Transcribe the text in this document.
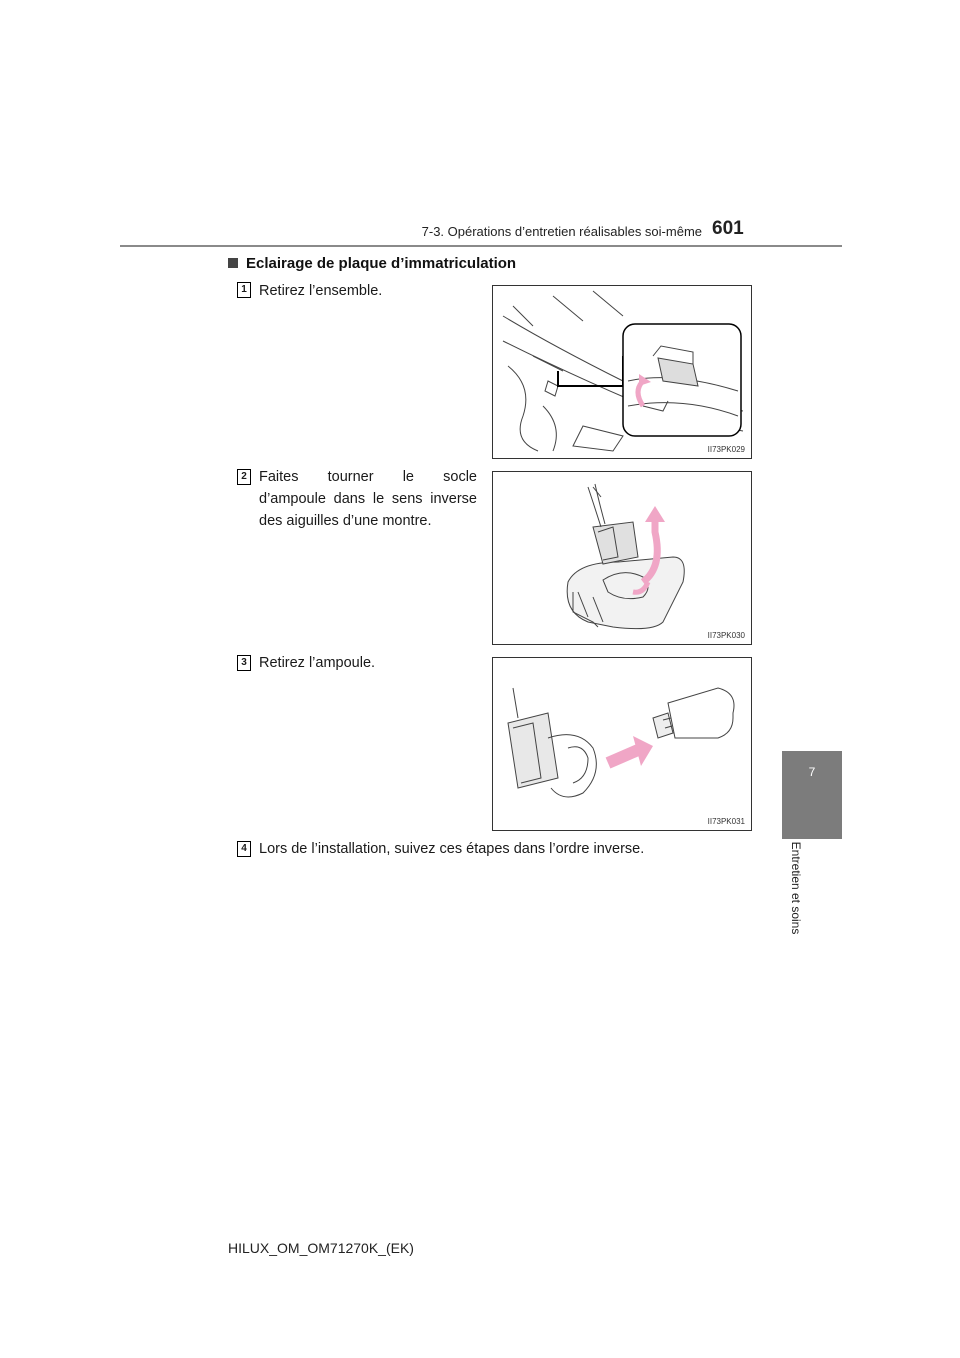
7-3. Opérations d’entretien réalisables soi-même 601
7
Entretien et soins
Eclairage de plaque d’immatriculation
1 Retirez l’ensemble.
II73PK029
2 Faites tourner le socle
d’ampoule dans le sens inverse
des aiguilles d’une montre.
II73PK030
3 Retirez l’ampoule.
II73PK031
4 Lors de l’installation, suivez ces étapes dans l’ordre inverse.
HILUX_OM_OM71270K_(EK)
